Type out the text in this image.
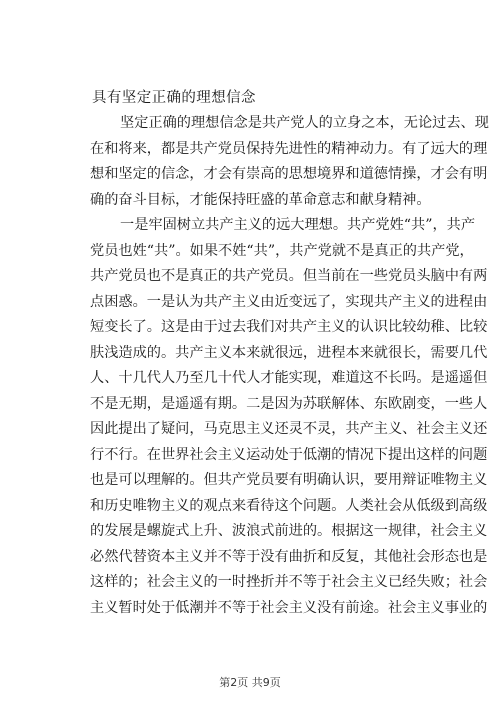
具有坚定正确的理想信念
坚定正确的理想信念是共产党人的立身之本，无论过去、现
在和将来，都是共产党员保持先进性的精神动力。有了远大的理
想和坚定的信念，才会有崇高的思想境界和道德情操，才会有明
确的奋斗目标，才能保持旺盛的革命意志和献身精神。
一是牢固树立共产主义的远大理想。共产党姓“共”，共产
党员也姓“共”。如果不姓“共”，共产党就不是真正的共产党，
共产党员也不是真正的共产党员。但当前在一些党员头脑中有两
点困惑。一是认为共产主义由近变远了，实现共产主义的进程由
短变长了。这是由于过去我们对共产主义的认识比较幼稚、比较
肤浅造成的。共产主义本来就很远，进程本来就很长，需要几代
人、十几代人乃至几十代人才能实现，难道这不长吗。是遥遥但
不是无期，是遥遥有期。二是因为苏联解体、东欧剧变，一些人
因此提出了疑问，马克思主义还灵不灵，共产主义、社会主义还
行不行。在世界社会主义运动处于低潮的情况下提出这样的问题
也是可以理解的。但共产党员要有明确认识，要用辩证唯物主义
和历史唯物主义的观点来看待这个问题。人类社会从低级到高级
的发展是螺旋式上升、波浪式前进的。根据这一规律，社会主义
必然代替资本主义并不等于没有曲折和反复，其他社会形态也是
这样的；社会主义的一时挫折并不等于社会主义已经失败；社会
主义暂时处于低潮并不等于社会主义没有前途。社会主义事业的
第2页 共9页
